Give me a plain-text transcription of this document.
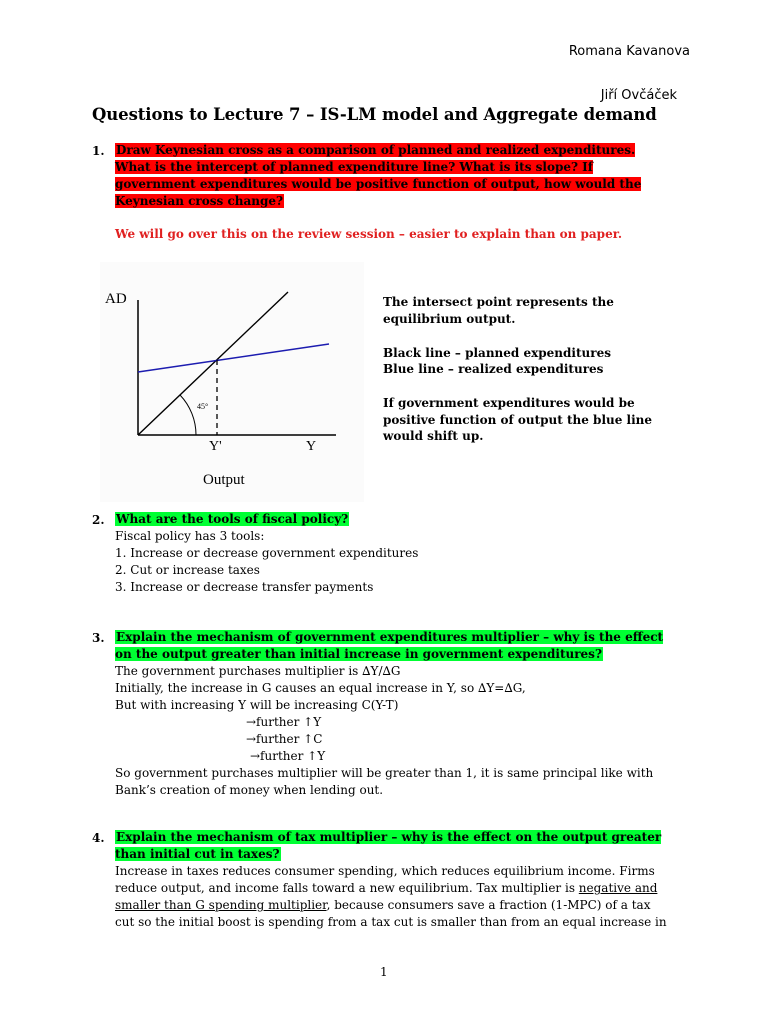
Romana Kavanova
Jiří Ovčáček
Questions to Lecture 7 – IS-LM model and Aggregate demand
1. Draw Keynesian cross as a comparison of planned and realized expenditures. What is the intercept of planned expenditure line? What is its slope? If government expenditures would be positive function of output, how would the Keynesian cross change?

We will go over this on the review session – easier to explain than on paper.

45°
AD
Y'	Y
Output
The intersect point represents the equilibrium output.
Black line – planned expenditures
Blue line – realized expenditures
If government expenditures would be positive function of output the blue line would shift up.
2. What are the tools of fiscal policy?
Fiscal policy has 3 tools:
1. Increase or decrease government expenditures
2. Cut or increase taxes
3. Increase or decrease transfer payments
3. Explain the mechanism of government expenditures multiplier – why is the effect on the output greater than initial increase in government expenditures?
The government purchases multiplier is ∆Y/∆G
Initially, the increase in G causes an equal increase in Y, so ∆Y=∆G,
But with increasing Y will be increasing C(Y-T)
→further ↑Y
→further ↑C
→further ↑Y
So government purchases multiplier will be greater than 1, it is same principal like with
Bank’s creation of money when lending out.
4. Explain the mechanism of tax multiplier – why is the effect on the output greater than initial cut in taxes?
Increase in taxes reduces consumer spending, which reduces equilibrium income. Firms reduce output, and income falls toward a new equilibrium. Tax multiplier is negative and smaller than G spending multiplier, because consumers save a fraction (1-MPC) of a tax cut so the initial boost is spending from a tax cut is smaller than from an equal increase in
1
